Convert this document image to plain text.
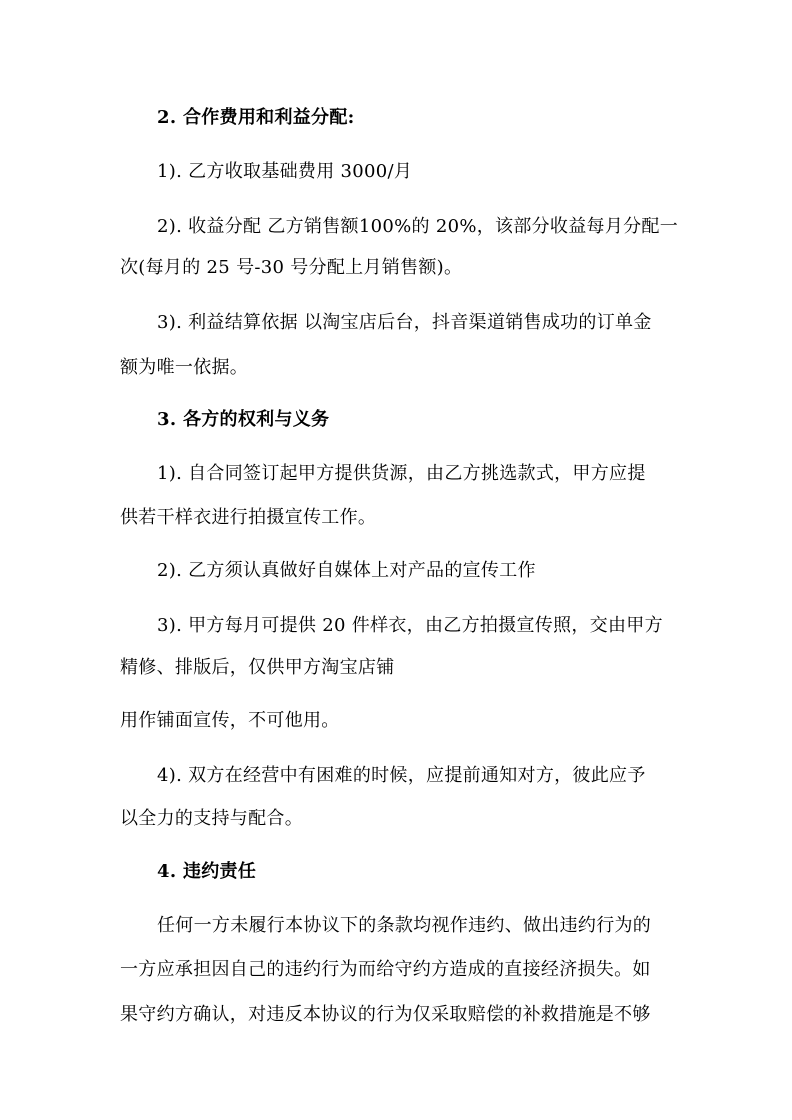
2. 合作费用和利益分配:
1). 乙方收取基础费用 3000/月
2). 收益分配 乙方销售额100%的 20%，该部分收益每月分配一
次(每月的 25 号-30 号分配上月销售额)。
3). 利益结算依据 以淘宝店后台，抖音渠道销售成功的订单金
额为唯一依据。
3. 各方的权利与义务
1). 自合同签订起甲方提供货源，由乙方挑选款式，甲方应提
供若干样衣进行拍摄宣传工作。
2). 乙方须认真做好自媒体上对产品的宣传工作
3). 甲方每月可提供 20 件样衣，由乙方拍摄宣传照，交由甲方
精修、排版后，仅供甲方淘宝店铺
用作铺面宣传，不可他用。
4). 双方在经营中有困难的时候，应提前通知对方，彼此应予
以全力的支持与配合。
4. 违约责任
任何一方未履行本协议下的条款均视作违约、做出违约行为的
一方应承担因自己的违约行为而给守约方造成的直接经济损失。如
果守约方确认，对违反本协议的行为仅采取赔偿的补救措施是不够
